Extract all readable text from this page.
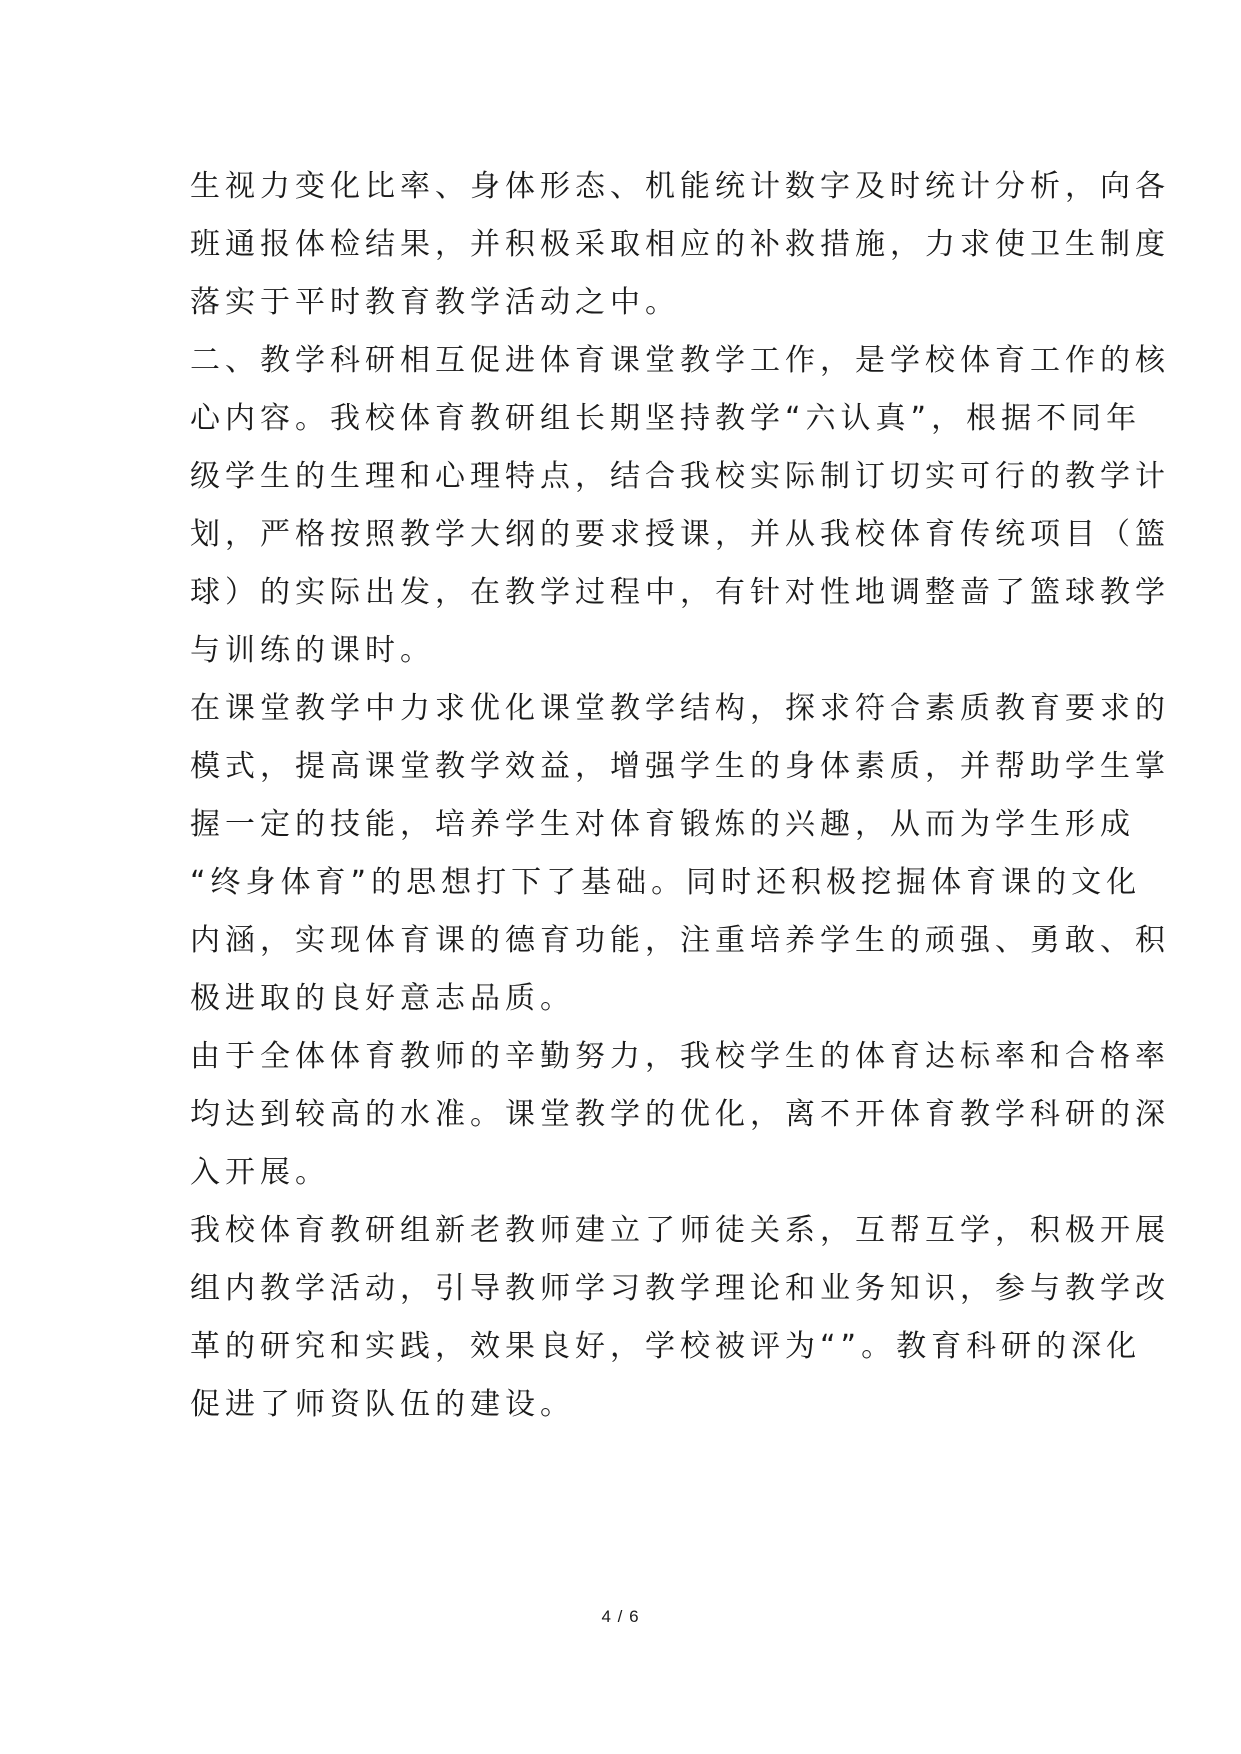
生视力变化比率、身体形态、机能统计数字及时统计分析，向各
班通报体检结果，并积极采取相应的补救措施，力求使卫生制度
落实于平时教育教学活动之中。
二、教学科研相互促进体育课堂教学工作，是学校体育工作的核
心内容。我校体育教研组长期坚持教学“六认真”，根据不同年
级学生的生理和心理特点，结合我校实际制订切实可行的教学计
划，严格按照教学大纲的要求授课，并从我校体育传统项目（篮
球）的实际出发，在教学过程中，有针对性地调整啬了篮球教学
与训练的课时。
在课堂教学中力求优化课堂教学结构，探求符合素质教育要求的
模式，提高课堂教学效益，增强学生的身体素质，并帮助学生掌
握一定的技能，培养学生对体育锻炼的兴趣，从而为学生形成
“终身体育”的思想打下了基础。同时还积极挖掘体育课的文化
内涵，实现体育课的德育功能，注重培养学生的顽强、勇敢、积
极进取的良好意志品质。
由于全体体育教师的辛勤努力，我校学生的体育达标率和合格率
均达到较高的水准。课堂教学的优化，离不开体育教学科研的深
入开展。
我校体育教研组新老教师建立了师徒关系，互帮互学，积极开展
组内教学活动，引导教师学习教学理论和业务知识，参与教学改
革的研究和实践，效果良好，学校被评为“”。教育科研的深化
促进了师资队伍的建设。
4 / 6
